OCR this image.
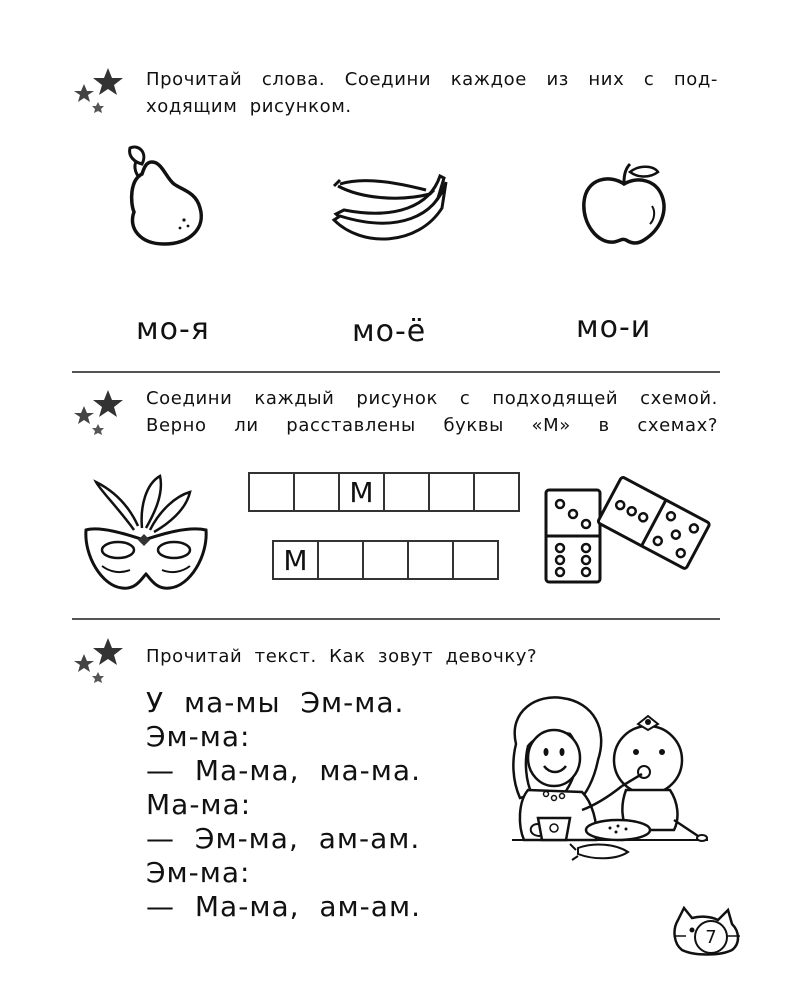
Прочитай слова. Соедини каждое из них с под-
ходящим рисунком.
мо-я	мо-ё	мо-и
Соедини каждый рисунок с подходящей схемой.
Верно ли расставлены буквы «М» в схемах?
М
М
Прочитай текст. Как зовут девочку?
У ма-мы Эм-ма.
Эм-ма:
— Ма-ма, ма-ма.
Ма-ма:
— Эм-ма, ам-ам.
Эм-ма:
— Ма-ма, ам-ам.
7
